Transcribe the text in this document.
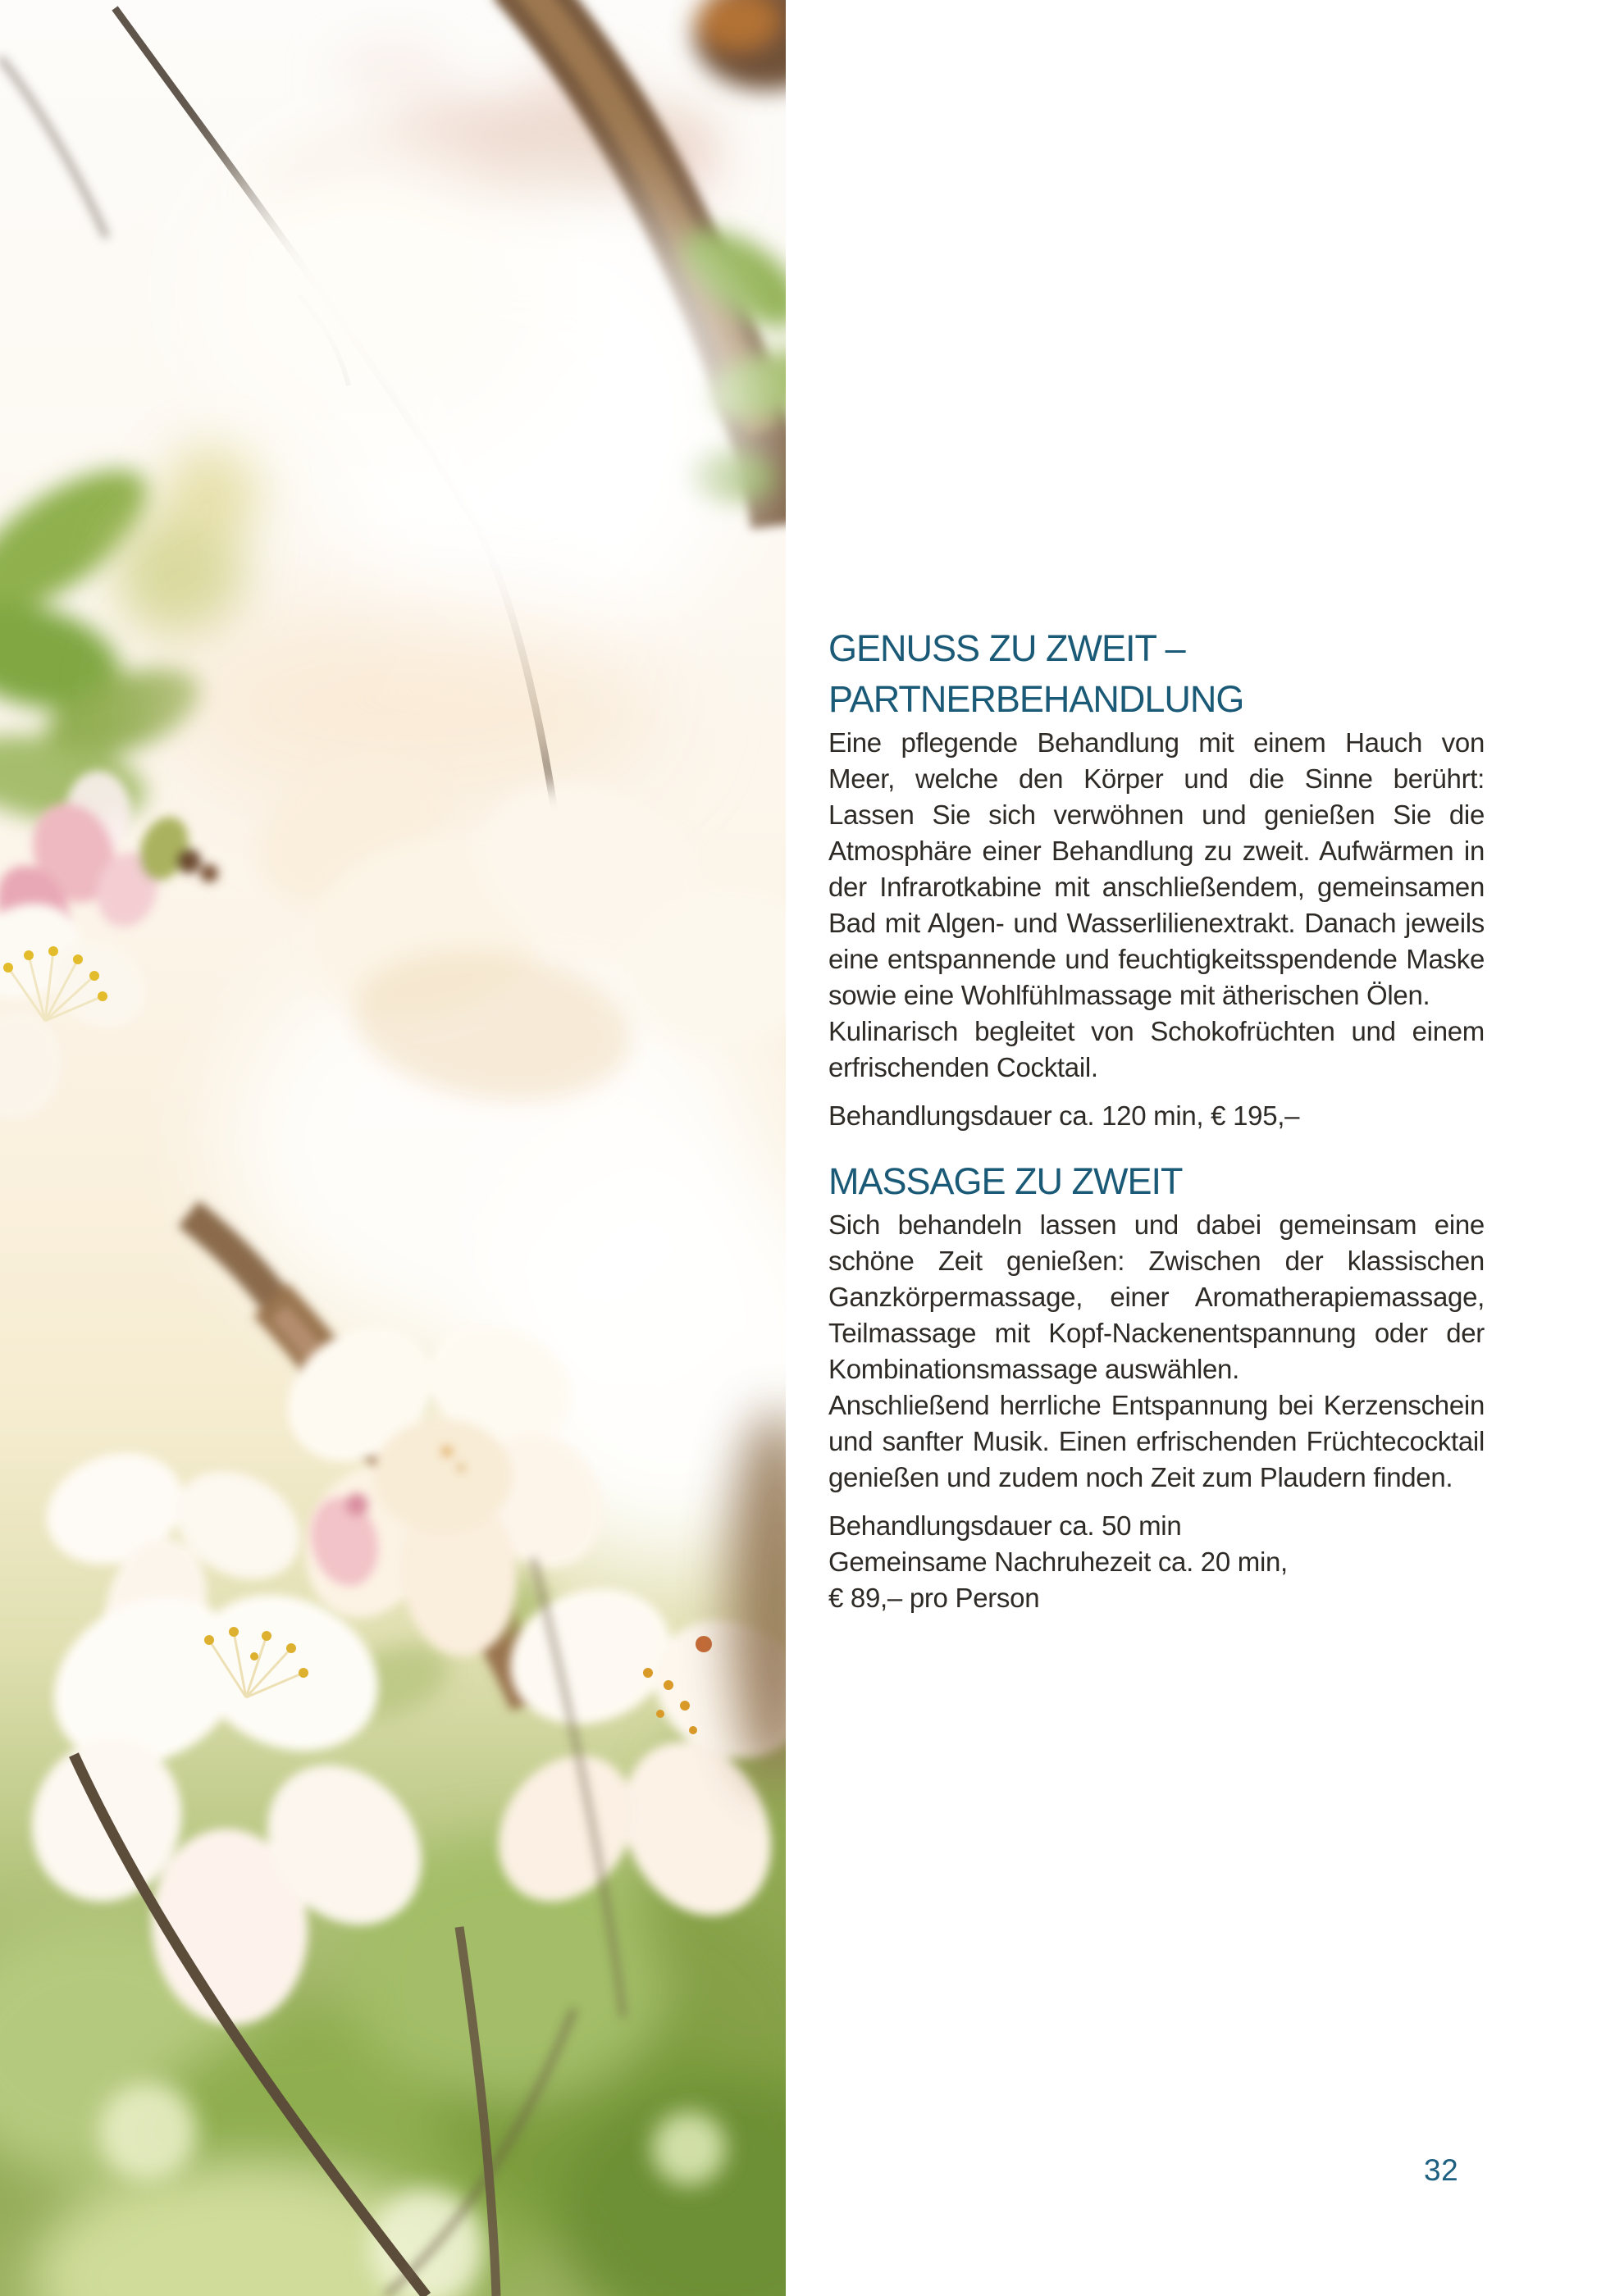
GENUSS ZU ZWEIT –
PARTNERBEHANDLUNG

Eine pflegende Behandlung mit einem Hauch von Meer, welche den Körper und die Sinne berührt: Lassen Sie sich verwöhnen und genießen Sie die Atmosphäre einer Behandlung zu zweit. Aufwärmen in der Infrarotkabine mit anschließendem, gemeinsamen Bad mit Algen- und Wasserlilienextrakt. Danach jeweils eine entspannende und feuchtigkeitsspendende Maske sowie eine Wohlfühlmassage mit ätherischen Ölen.

Kulinarisch begleitet von Schokofrüchten und einem erfrischenden Cocktail.

Behandlungsdauer ca. 120 min, € 195,–

MASSAGE ZU ZWEIT

Sich behandeln lassen und dabei gemeinsam eine schöne Zeit genießen: Zwischen der klassischen Ganzkörpermassage, einer Aromatherapiemassage, Teilmassage mit Kopf-Nackenentspannung oder der Kombinationsmassage auswählen.

Anschließend herrliche Entspannung bei Kerzenschein und sanfter Musik. Einen erfrischenden Früchtecocktail genießen und zudem noch Zeit zum Plaudern finden.

Behandlungsdauer ca. 50 min
Gemeinsame Nachruhezeit ca. 20 min,
€ 89,– pro Person
32
